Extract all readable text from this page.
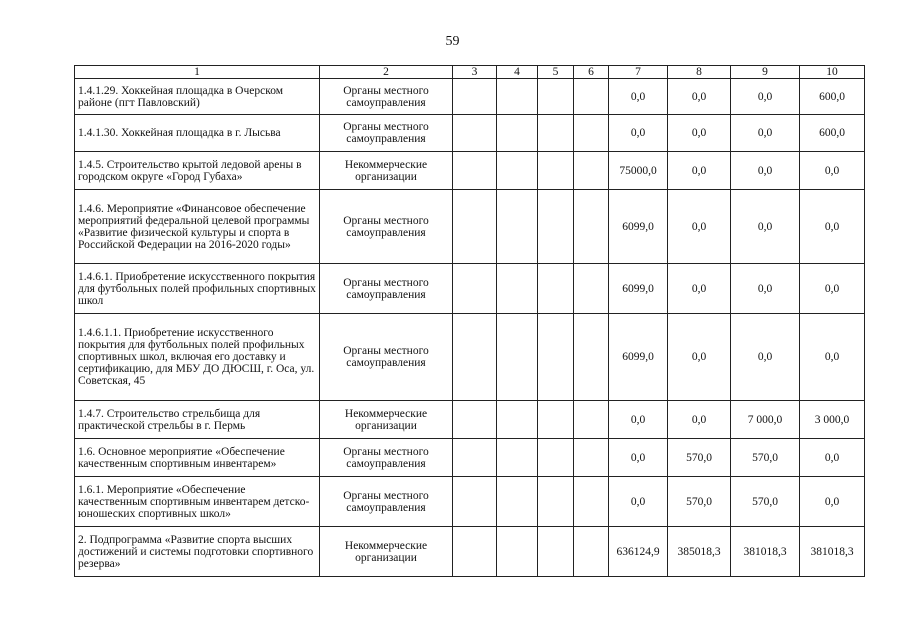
59
1	2	3	4	5	6	7	8	9	10
1.4.1.29. Хоккейная площадка в Очерском районе (пгт Павловский)	Органы местного самоуправления					0,0	0,0	0,0	600,0
1.4.1.30. Хоккейная площадка в г. Лысьва	Органы местного самоуправления					0,0	0,0	0,0	600,0
1.4.5. Строительство крытой ледовой арены в городском округе «Город Губаха»	Некоммерческие организации					75000,0	0,0	0,0	0,0
1.4.6. Мероприятие «Финансовое обеспечение мероприятий федеральной целевой программы «Развитие физической культуры и спорта в Российской Федерации на 2016-2020 годы»	Органы местного самоуправления					6099,0	0,0	0,0	0,0
1.4.6.1. Приобретение искусственного покрытия для футбольных полей профильных спортивных школ	Органы местного самоуправления					6099,0	0,0	0,0	0,0
1.4.6.1.1. Приобретение искусственного покрытия для футбольных полей профильных спортивных школ, включая его доставку и сертификацию, для МБУ ДО ДЮСШ, г. Оса, ул. Советская, 45	Органы местного самоуправления					6099,0	0,0	0,0	0,0
1.4.7. Строительство стрельбища для практической стрельбы в г. Пермь	Некоммерческие организации					0,0	0,0	7 000,0	3 000,0
1.6. Основное мероприятие «Обеспечение качественным спортивным инвентарем»	Органы местного самоуправления					0,0	570,0	570,0	0,0
1.6.1. Мероприятие «Обеспечение качественным спортивным инвентарем детско-юношеских спортивных школ»	Органы местного самоуправления					0,0	570,0	570,0	0,0
2. Подпрограмма «Развитие спорта высших достижений и системы подготовки спортивного резерва»	Некоммерческие организации					636124,9	385018,3	381018,3	381018,3
